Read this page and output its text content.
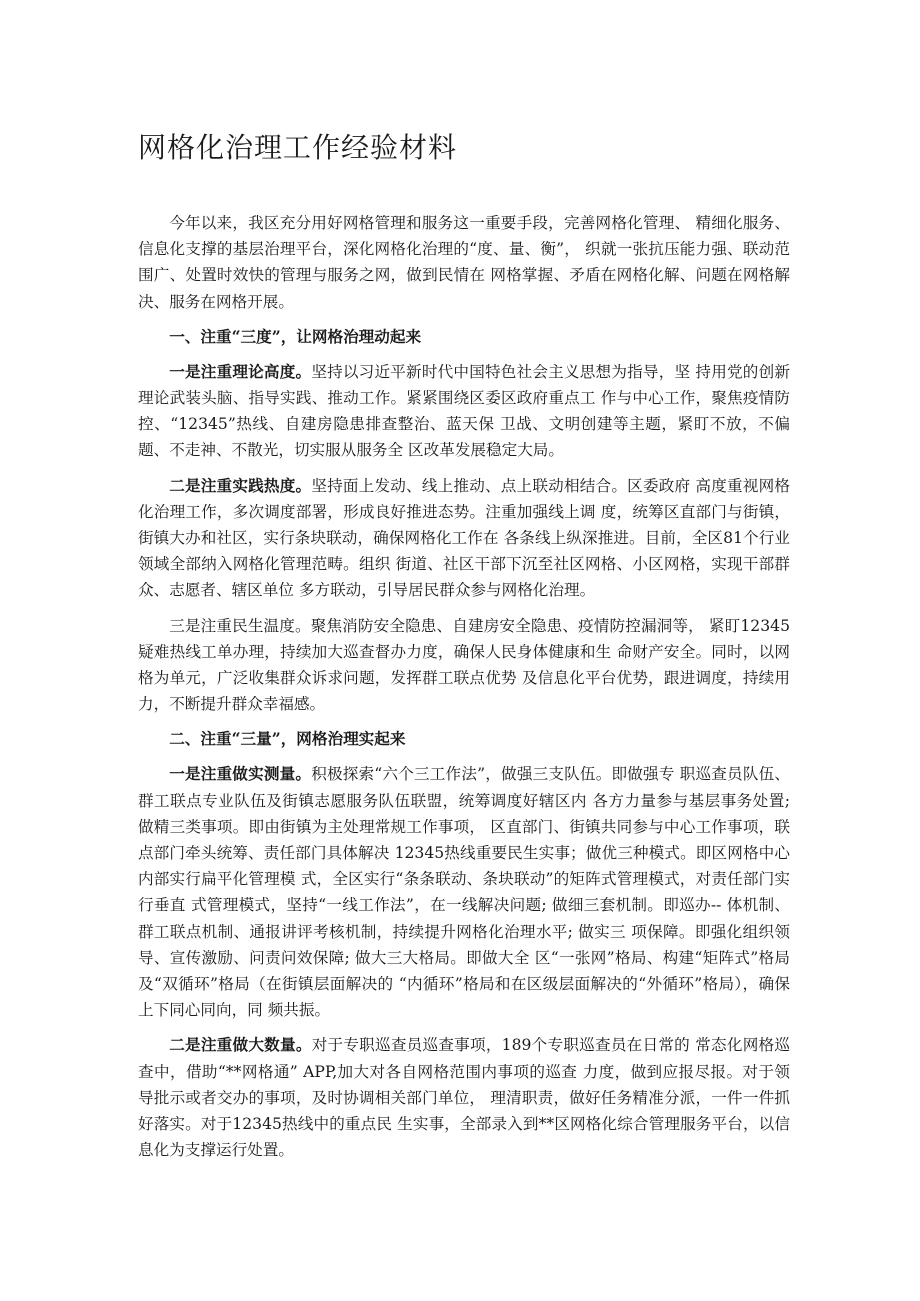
网格化治理工作经验材料

今年以来，我区充分用好网格管理和服务这一重要手段，完善网格化管理、 精细化服务、信息化支撑的基层治理平台，深化网格化治理的“度、量、衡”， 织就一张抗压能力强、联动范围广、处置时效快的管理与服务之网，做到民情在 网格掌握、矛盾在网格化解、问题在网格解决、服务在网格开展。

一、注重“三度”，让网格治理动起来

一是注重理论高度。坚持以习近平新时代中国特色社会主义思想为指导，坚 持用党的创新理论武装头脑、指导实践、推动工作。紧紧围绕区委区政府重点工 作与中心工作，聚焦疫情防控、“12345”热线、自建房隐患排查整治、蓝天保 卫战、文明创建等主题，紧盯不放，不偏题、不走神、不散光，切实服从服务全 区改革发展稳定大局。

二是注重实践热度。坚持面上发动、线上推动、点上联动相结合。区委政府 高度重视网格化治理工作，多次调度部署，形成良好推进态势。注重加强线上调 度，统筹区直部门与街镇，街镇大办和社区，实行条块联动，确保网格化工作在 各条线上纵深推进。目前，全区81个行业领域全部纳入网格化管理范畴。组织 街道、社区干部下沉至社区网格、小区网格，实现干部群众、志愿者、辖区单位 多方联动，引导居民群众参与网格化治理。

三是注重民生温度。聚焦消防安全隐患、自建房安全隐患、疫情防控漏洞等， 紧盯12345疑难热线工单办理，持续加大巡查督办力度，确保人民身体健康和生 命财产安全。同时，以网格为单元，广泛收集群众诉求问题，发挥群工联点优势 及信息化平台优势，跟进调度，持续用力，不断提升群众幸福感。

二、注重“三量”，网格治理实起来

一是注重做实测量。积极探索“六个三工作法”，做强三支队伍。即做强专 职巡查员队伍、群工联点专业队伍及街镇志愿服务队伍联盟，统筹调度好辖区内 各方力量参与基层事务处置; 做精三类事项。即由街镇为主处理常规工作事项， 区直部门、街镇共同参与中心工作事项，联点部门牵头统筹、责任部门具体解决 12345热线重要民生实事；做优三种模式。即区网格中心内部实行扁平化管理模 式，全区实行“条条联动、条块联动”的矩阵式管理模式，对责任部门实行垂直 式管理模式，坚持“一线工作法”，在一线解决问题; 做细三套机制。即巡办-- 体机制、群工联点机制、通报讲评考核机制，持续提升网格化治理水平; 做实三 项保障。即强化组织领导、宣传激励、问责问效保障; 做大三大格局。即做大全 区“一张网”格局、构建“矩阵式”格局及“双循环”格局（在街镇层面解决的 “内循环”格局和在区级层面解决的“外循环”格局），确保上下同心同向，同 频共振。

二是注重做大数量。对于专职巡查员巡查事项，189个专职巡查员在日常的 常态化网格巡查中，借助“**网格通” APP,加大对各自网格范围内事项的巡查 力度，做到应报尽报。对于领导批示或者交办的事项，及时协调相关部门单位， 理清职责，做好任务精准分派，一件一件抓好落实。对于12345热线中的重点民 生实事，全部录入到**区网格化综合管理服务平台，以信息化为支撑运行处置。
